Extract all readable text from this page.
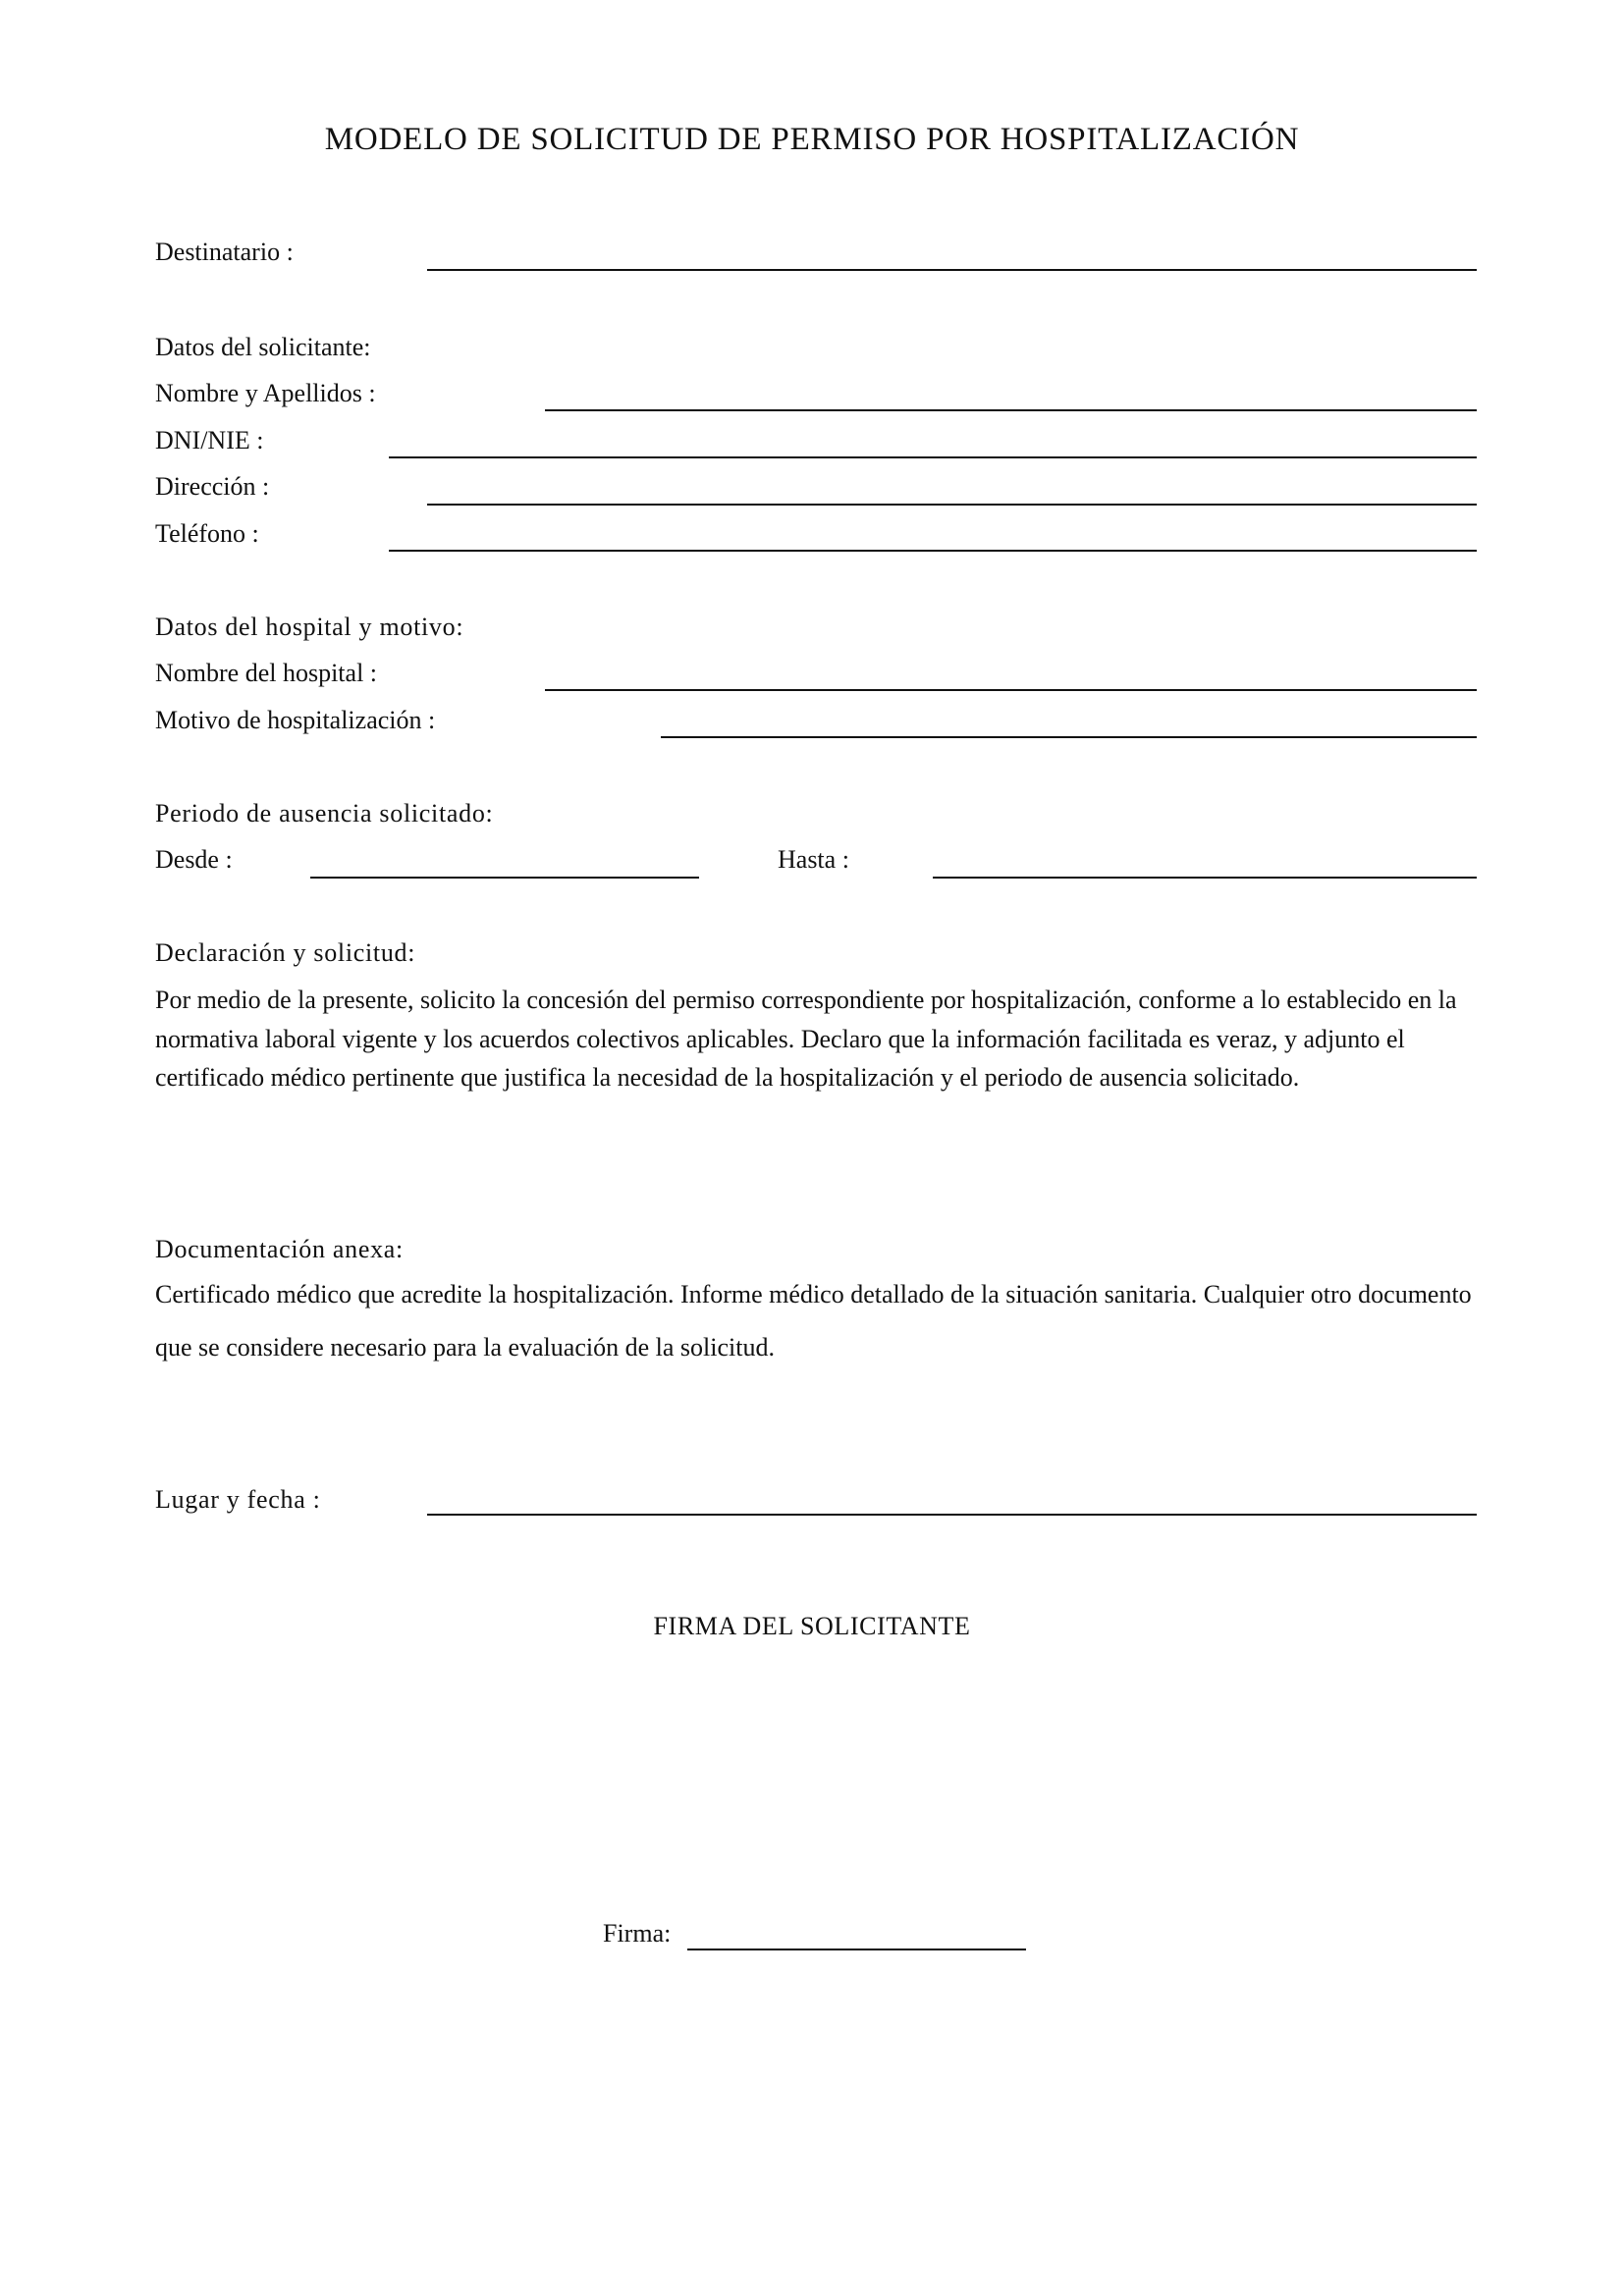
MODELO DE SOLICITUD DE PERMISO POR HOSPITALIZACIÓN
Destinatario :
Datos del solicitante:
Nombre y Apellidos :
DNI/NIE :
Dirección :
Teléfono :
Datos del hospital y motivo:
Nombre del hospital :
Motivo de hospitalización :
Periodo de ausencia solicitado:
Desde :	Hasta :
Declaración y solicitud:
Por medio de la presente, solicito la concesión del permiso correspondiente por hospitalización, conforme a lo establecido en la normativa laboral vigente y los acuerdos colectivos aplicables. Declaro que la información facilitada es veraz, y adjunto el certificado médico pertinente que justifica la necesidad de la hospitalización y el periodo de ausencia solicitado.
Documentación anexa:
Certificado médico que acredite la hospitalización. Informe médico detallado de la situación sanitaria. Cualquier otro documento que se considere necesario para la evaluación de la solicitud.
Lugar y fecha :
FIRMA DEL SOLICITANTE
Firma:
